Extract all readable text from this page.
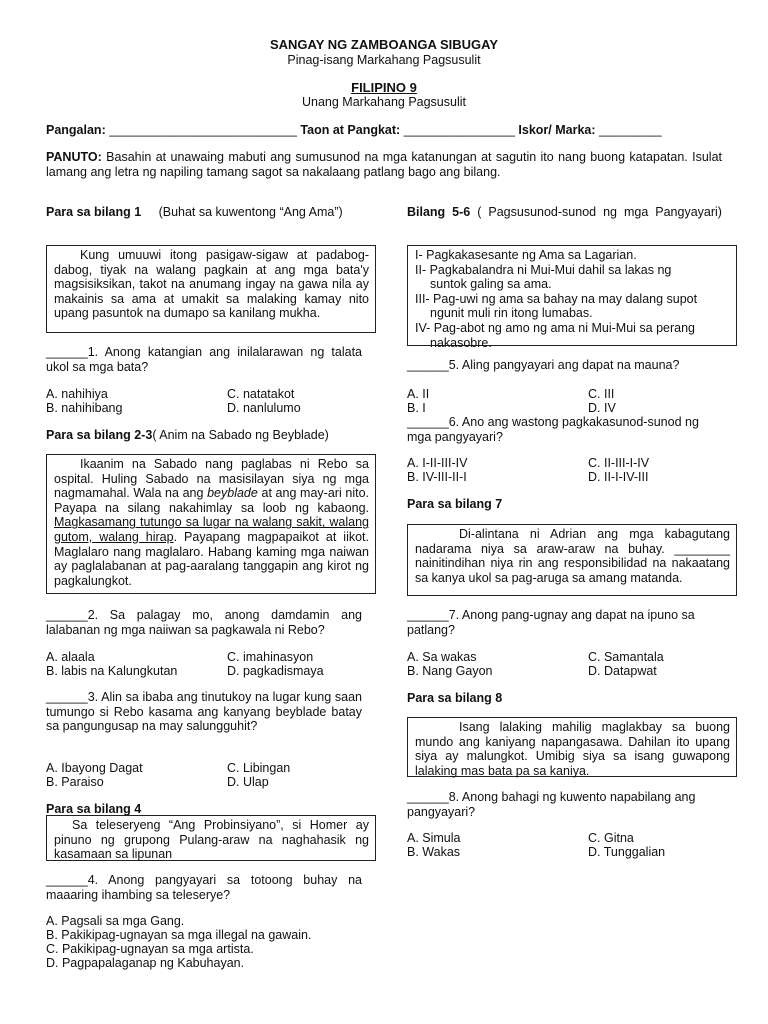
SANGAY NG ZAMBOANGA SIBUGAY
Pinag-isang Markahang Pagsusulit
FILIPINO 9
Unang Markahang Pagsusulit
Pangalan: ___________________________ Taon at Pangkat: ________________ Iskor/ Marka: _________
PANUTO: Basahin at unawaing mabuti ang sumusunod na mga katanungan at sagutin ito nang buong katapatan. Isulat lamang ang letra ng napiling tamang sagot sa nakalaang patlang bago ang bilang.
Para sa bilang 1 (Buhat sa kuwentong “Ang Ama”)
Kung umuuwi itong pasigaw-sigaw at padabog-dabog, tiyak na walang pagkain at ang mga bata'y magsisiksikan, takot na anumang ingay na gawa nila ay makainis sa ama at umakit sa malaking kamay nito upang pasuntok na dumapo sa kanilang mukha.
______1. Anong katangian ang inilalarawan ng talata ukol sa mga bata?
A. nahihiya
B. nahihibang
C. natatakot
D. nanlulumo
Para sa bilang 2-3( Anim na Sabado ng Beyblade)
Ikaanim na Sabado nang paglabas ni Rebo sa ospital. Huling Sabado na masisilayan siya ng mga nagmamahal. Wala na ang beyblade at ang may-ari nito. Payapa na silang nakahimlay sa loob ng kabaong. Magkasamang tutungo sa lugar na walang sakit, walang gutom, walang hirap. Payapang magpapaikot at iikot. Maglalaro nang maglalaro. Habang kaming mga naiwan ay paglalabanan at pag-aaralang tanggapin ang kirot ng pagkalungkot.
______2. Sa palagay mo, anong damdamin ang lalabanan ng mga naiiwan sa pagkawala ni Rebo?
A. alaala
B. labis na Kalungkutan
C. imahinasyon
D. pagkadismaya
______3. Alin sa ibaba ang tinutukoy na lugar kung saan tumungo si Rebo kasama ang kanyang beyblade batay sa pangungusap na may salungguhit?
A. Ibayong Dagat
B. Paraiso
C. Libingan
D. Ulap
Para sa bilang 4
Sa teleseryeng “Ang Probinsiyano”, si Homer ay pinuno ng grupong Pulang-araw na naghahasik ng kasamaan sa lipunan
______4. Anong pangyayari sa totoong buhay na maaaring ihambing sa teleserye?
A. Pagsali sa mga Gang.
B. Pakikipag-ugnayan sa mga illegal na gawain.
C. Pakikipag-ugnayan sa mga artista.
D. Pagpapalaganap ng Kabuhayan.
Bilang 5-6 ( Pagsusunod-sunod ng mga Pangyayari)
I- Pagkakasesante ng Ama sa Lagarian.
II- Pagkabalandra ni Mui-Mui dahil sa lakas ng
suntok galing sa ama.
III- Pag-uwi ng ama sa bahay na may dalang supot
ngunit muli rin itong lumabas.
IV- Pag-abot ng amo ng ama ni Mui-Mui sa perang
nakasobre.
______5. Aling pangyayari ang dapat na mauna?
A. II
B. I
C. III
D. IV
______6. Ano ang wastong pagkakasunod-sunod ng mga pangyayari?
A. I-II-III-IV
B. IV-III-II-I
C. II-III-I-IV
D. II-I-IV-III
Para sa bilang 7
Di-alintana ni Adrian ang mga kabagutang nadarama niya sa araw-araw na buhay. ________ nainitindihan niya rin ang responsibilidad na nakaatang sa kanya ukol sa pag-aruga sa amang matanda.
______7. Anong pang-ugnay ang dapat na ipuno sa patlang?
A. Sa wakas
B. Nang Gayon
C. Samantala
D. Datapwat
Para sa bilang 8
Isang lalaking mahilig maglakbay sa buong mundo ang kaniyang napangasawa. Dahilan ito upang siya ay malungkot. Umibig siya sa isang guwapong lalaking mas bata pa sa kaniya.
______8. Anong bahagi ng kuwento napabilang ang pangyayari?
A. Simula
B. Wakas
C. Gitna
D. Tunggalian
